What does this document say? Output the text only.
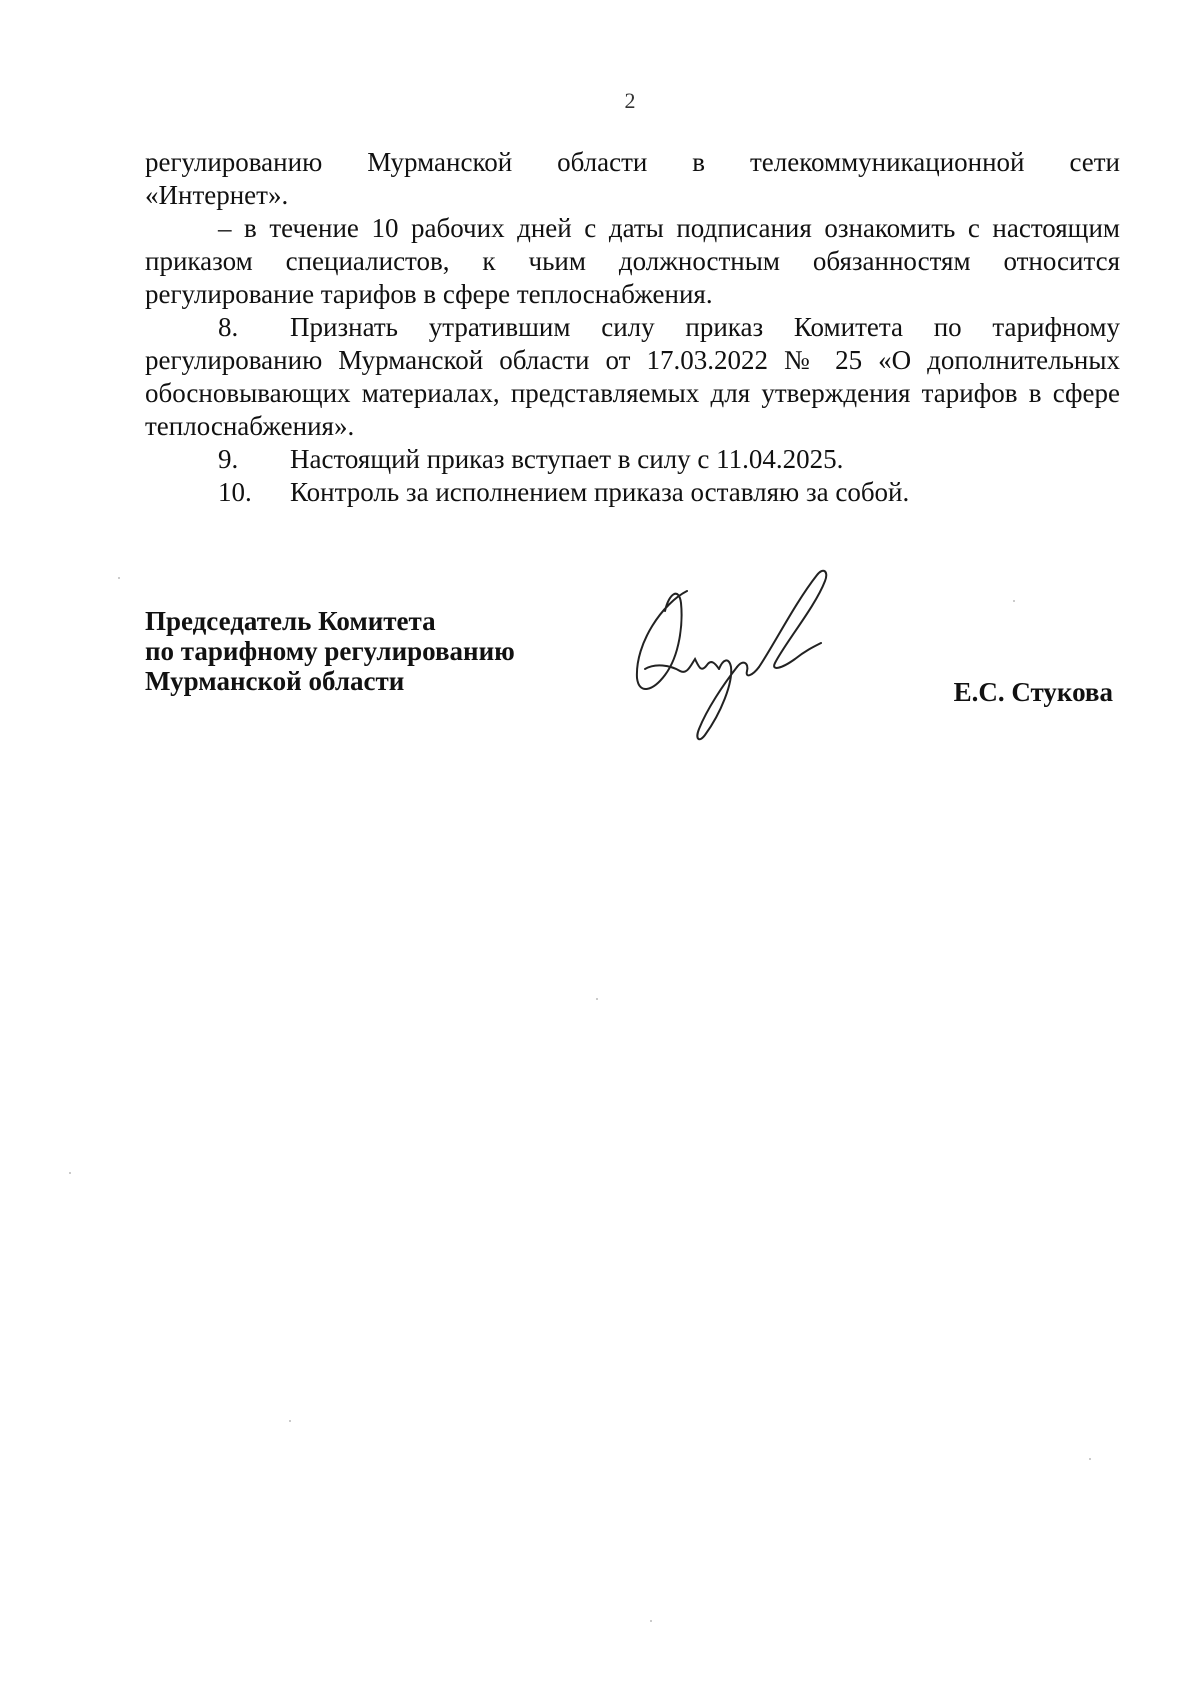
2

регулированию Мурманской области в телекоммуникационной сети

«Интернет».

– в течение 10 рабочих дней с даты подписания ознакомить с настоящим приказом специалистов, к чьим должностным обязанностям относится регулирование тарифов в сфере теплоснабжения.

8. Признать утратившим силу приказ Комитета по тарифному регулированию Мурманской области от 17.03.2022 № 25 «О дополнительных обосновывающих материалах, представляемых для утверждения тарифов в сфере теплоснабжения».

9.	Настоящий приказ вступает в силу с 11.04.2025.
10.	Контроль за исполнением приказа оставляю за собой.
Председатель Комитета
по тарифному регулированию
Мурманской области	Е.С. Стукова
